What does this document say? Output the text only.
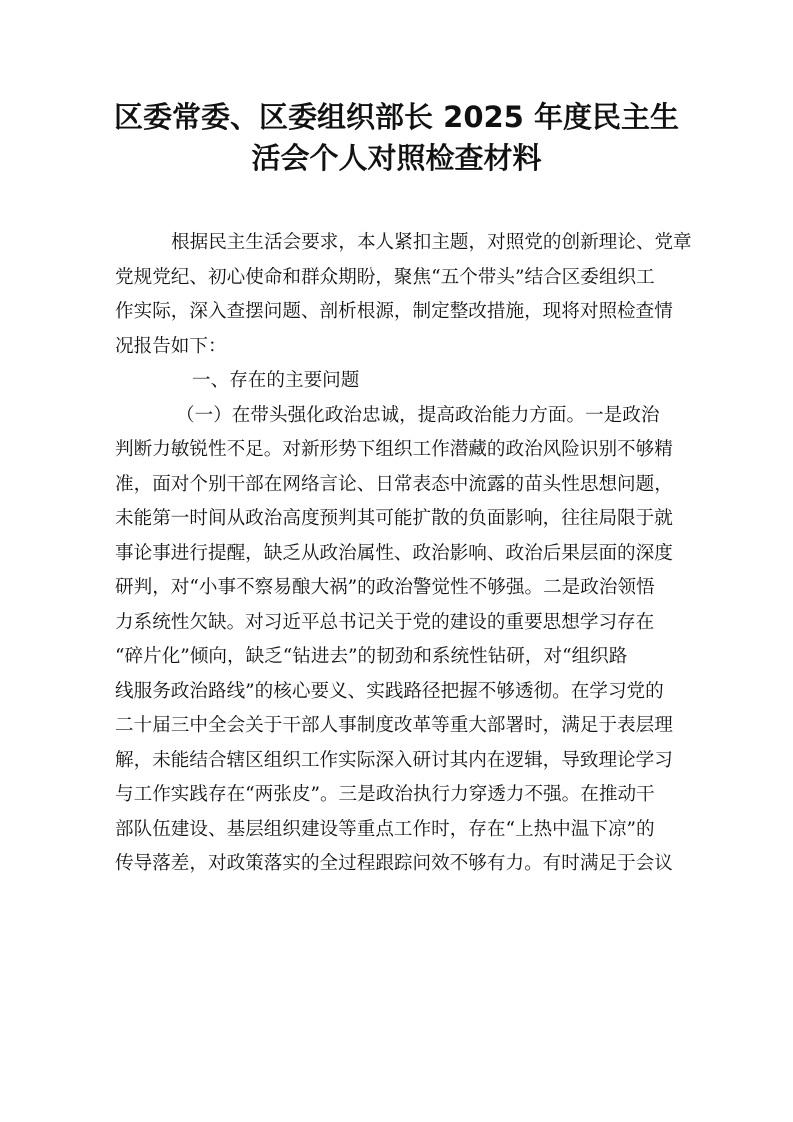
区委常委、区委组织部长 2025 年度民主生
活会个人对照检查材料
根据民主生活会要求，本人紧扣主题，对照党的创新理论、党章
党规党纪、初心使命和群众期盼，聚焦“五个带头”结合区委组织工
作实际，深入查摆问题、剖析根源，制定整改措施，现将对照检查情
况报告如下：
一、存在的主要问题
（一）在带头强化政治忠诚，提高政治能力方面。一是政治
判断力敏锐性不足。对新形势下组织工作潜藏的政治风险识别不够精
准，面对个别干部在网络言论、日常表态中流露的苗头性思想问题，
未能第一时间从政治高度预判其可能扩散的负面影响，往往局限于就
事论事进行提醒，缺乏从政治属性、政治影响、政治后果层面的深度
研判，对“小事不察易酿大祸”的政治警觉性不够强。二是政治领悟
力系统性欠缺。对习近平总书记关于党的建设的重要思想学习存在
“碎片化”倾向，缺乏“钻进去”的韧劲和系统性钻研，对“组织路
线服务政治路线”的核心要义、实践路径把握不够透彻。在学习党的
二十届三中全会关于干部人事制度改革等重大部署时，满足于表层理
解，未能结合辖区组织工作实际深入研讨其内在逻辑，导致理论学习
与工作实践存在“两张皮”。三是政治执行力穿透力不强。在推动干
部队伍建设、基层组织建设等重点工作时，存在“上热中温下凉”的
传导落差，对政策落实的全过程跟踪问效不够有力。有时满足于会议
